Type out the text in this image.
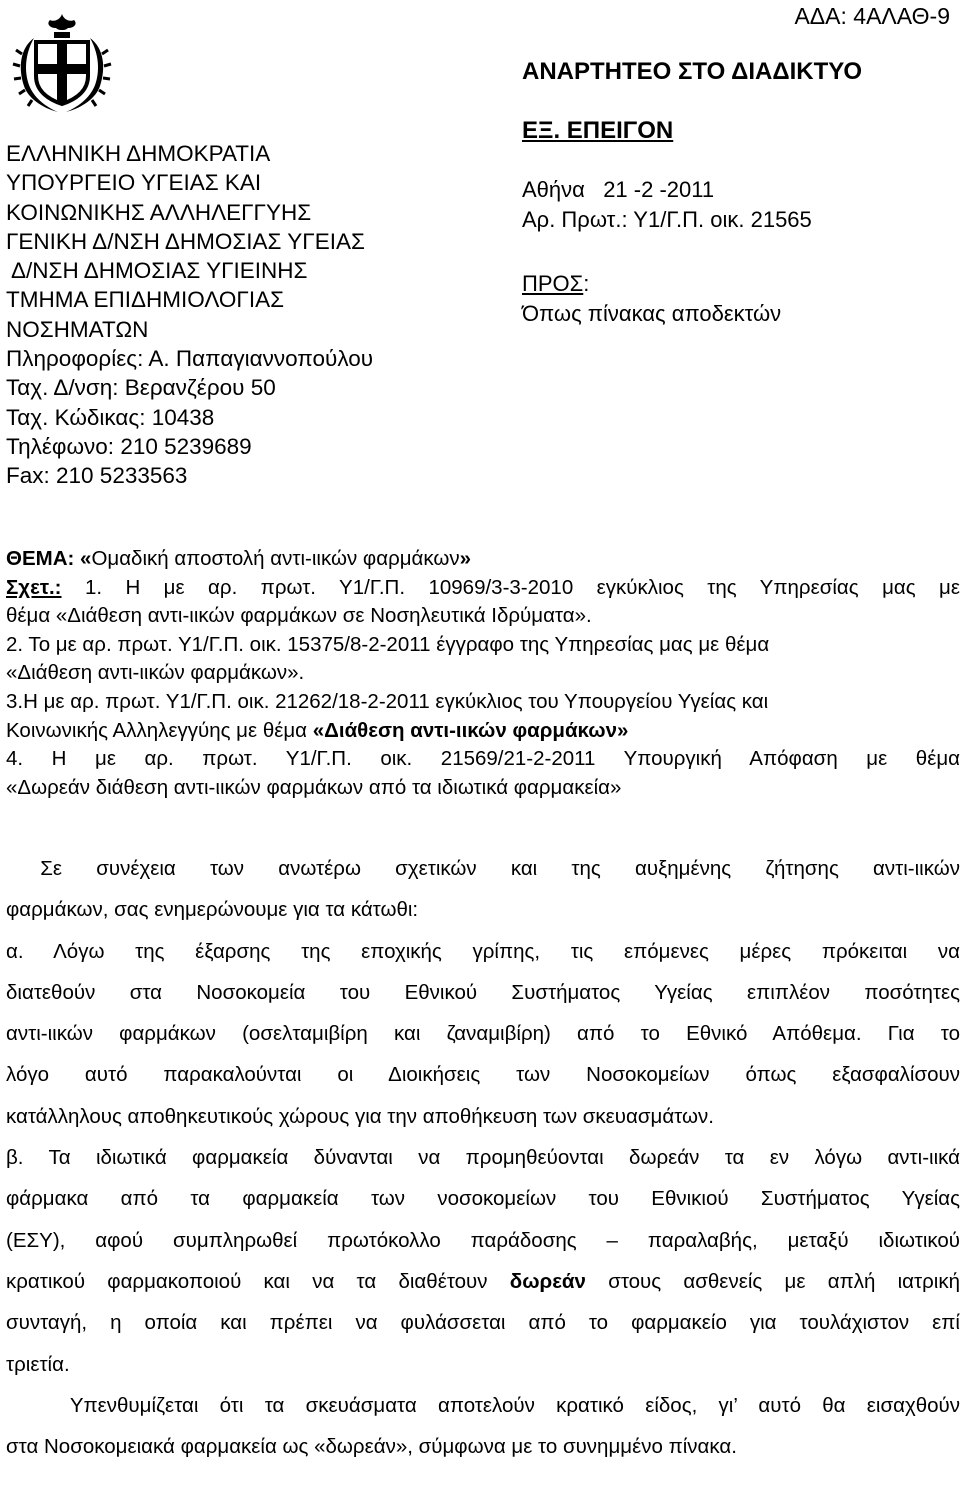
ΑΔΑ: 4ΑΛΑΘ-9
ΑΝΑΡΤΗΤΕΟ ΣΤΟ ΔΙΑΔΙΚΤΥΟ
ΕΞ. ΕΠΕΙΓΟΝ
Αθήνα   21 -2 -2011
Αρ. Πρωτ.: Υ1/Γ.Π. οικ. 21565
ΠΡΟΣ:
Όπως πίνακας αποδεκτών
ΕΛΛΗΝΙΚΗ ΔΗΜΟΚΡΑΤΙΑ
ΥΠΟΥΡΓΕΙΟ ΥΓΕΙΑΣ ΚΑΙ
ΚΟΙΝΩΝΙΚΗΣ ΑΛΛΗΛΕΓΓΥΗΣ
ΓΕΝΙΚΗ Δ/ΝΣΗ ΔΗΜΟΣΙΑΣ ΥΓΕΙΑΣ
Δ/ΝΣΗ ΔΗΜΟΣΙΑΣ ΥΓΙΕΙΝΗΣ
ΤΜΗΜΑ ΕΠΙΔΗΜΙΟΛΟΓΙΑΣ
ΝΟΣΗΜΑΤΩΝ
Πληροφορίες: Α. Παπαγιαννοπούλου
Ταχ. Δ/νση: Βερανζέρου 50
Ταχ. Κώδικας: 10438
Τηλέφωνο: 210 5239689
Fax: 210 5233563
ΘΕΜΑ: «Ομαδική αποστολή αντι-ιικών φαρμάκων»
Σχετ.: 1. Η με αρ. πρωτ. Υ1/Γ.Π. 10969/3-3-2010 εγκύκλιος της Υπηρεσίας μας με
θέμα «Διάθεση αντι-ιικών φαρμάκων σε Νοσηλευτικά Ιδρύματα».
2. Το με αρ. πρωτ. Υ1/Γ.Π. οικ. 15375/8-2-2011 έγγραφο της Υπηρεσίας μας με θέμα
«Διάθεση αντι-ιικών φαρμάκων».
3.Η με αρ. πρωτ. Υ1/Γ.Π. οικ. 21262/18-2-2011 εγκύκλιος του Υπουργείου Υγείας και
Κοινωνικής Αλληλεγγύης με θέμα «Διάθεση αντι-ιικών φαρμάκων»
4. Η με αρ. πρωτ. Υ1/Γ.Π. οικ. 21569/21-2-2011 Υπουργική Απόφαση με θέμα
«Δωρεάν διάθεση αντι-ιικών φαρμάκων από τα ιδιωτικά φαρμακεία»
Σε συνέχεια των ανωτέρω σχετικών και της αυξημένης ζήτησης αντι-ιικών
φαρμάκων, σας ενημερώνουμε για τα κάτωθι:
α. Λόγω της έξαρσης της εποχικής γρίπης, τις επόμενες μέρες πρόκειται να
διατεθούν στα Νοσοκομεία του Εθνικού Συστήματος Υγείας επιπλέον ποσότητες
αντι-ιικών φαρμάκων (οσελταμιβίρη και ζαναμιβίρη) από το Εθνικό Απόθεμα. Για το
λόγο αυτό παρακαλούνται οι Διοικήσεις των Νοσοκομείων όπως εξασφαλίσουν
κατάλληλους αποθηκευτικούς χώρους για την αποθήκευση των σκευασμάτων.
β. Τα ιδιωτικά φαρμακεία δύνανται να προμηθεύονται δωρεάν τα εν λόγω αντι-ιικά
φάρμακα από τα φαρμακεία των νοσοκομείων του Εθνικιού Συστήματος Υγείας
(ΕΣΥ), αφού συμπληρωθεί πρωτόκολλο παράδοσης – παραλαβής, μεταξύ ιδιωτικού
κρατικού φαρμακοποιού και να τα διαθέτουν δωρεάν στους ασθενείς με απλή ιατρική
συνταγή, η οποία και πρέπει να φυλάσσεται από το φαρμακείο για τουλάχιστον επί
τριετία.
Υπενθυμίζεται ότι τα σκευάσματα αποτελούν κρατικό είδος, γι’ αυτό θα εισαχθούν
στα Νοσοκομειακά φαρμακεία ως «δωρεάν», σύμφωνα με το συνημμένο πίνακα.
